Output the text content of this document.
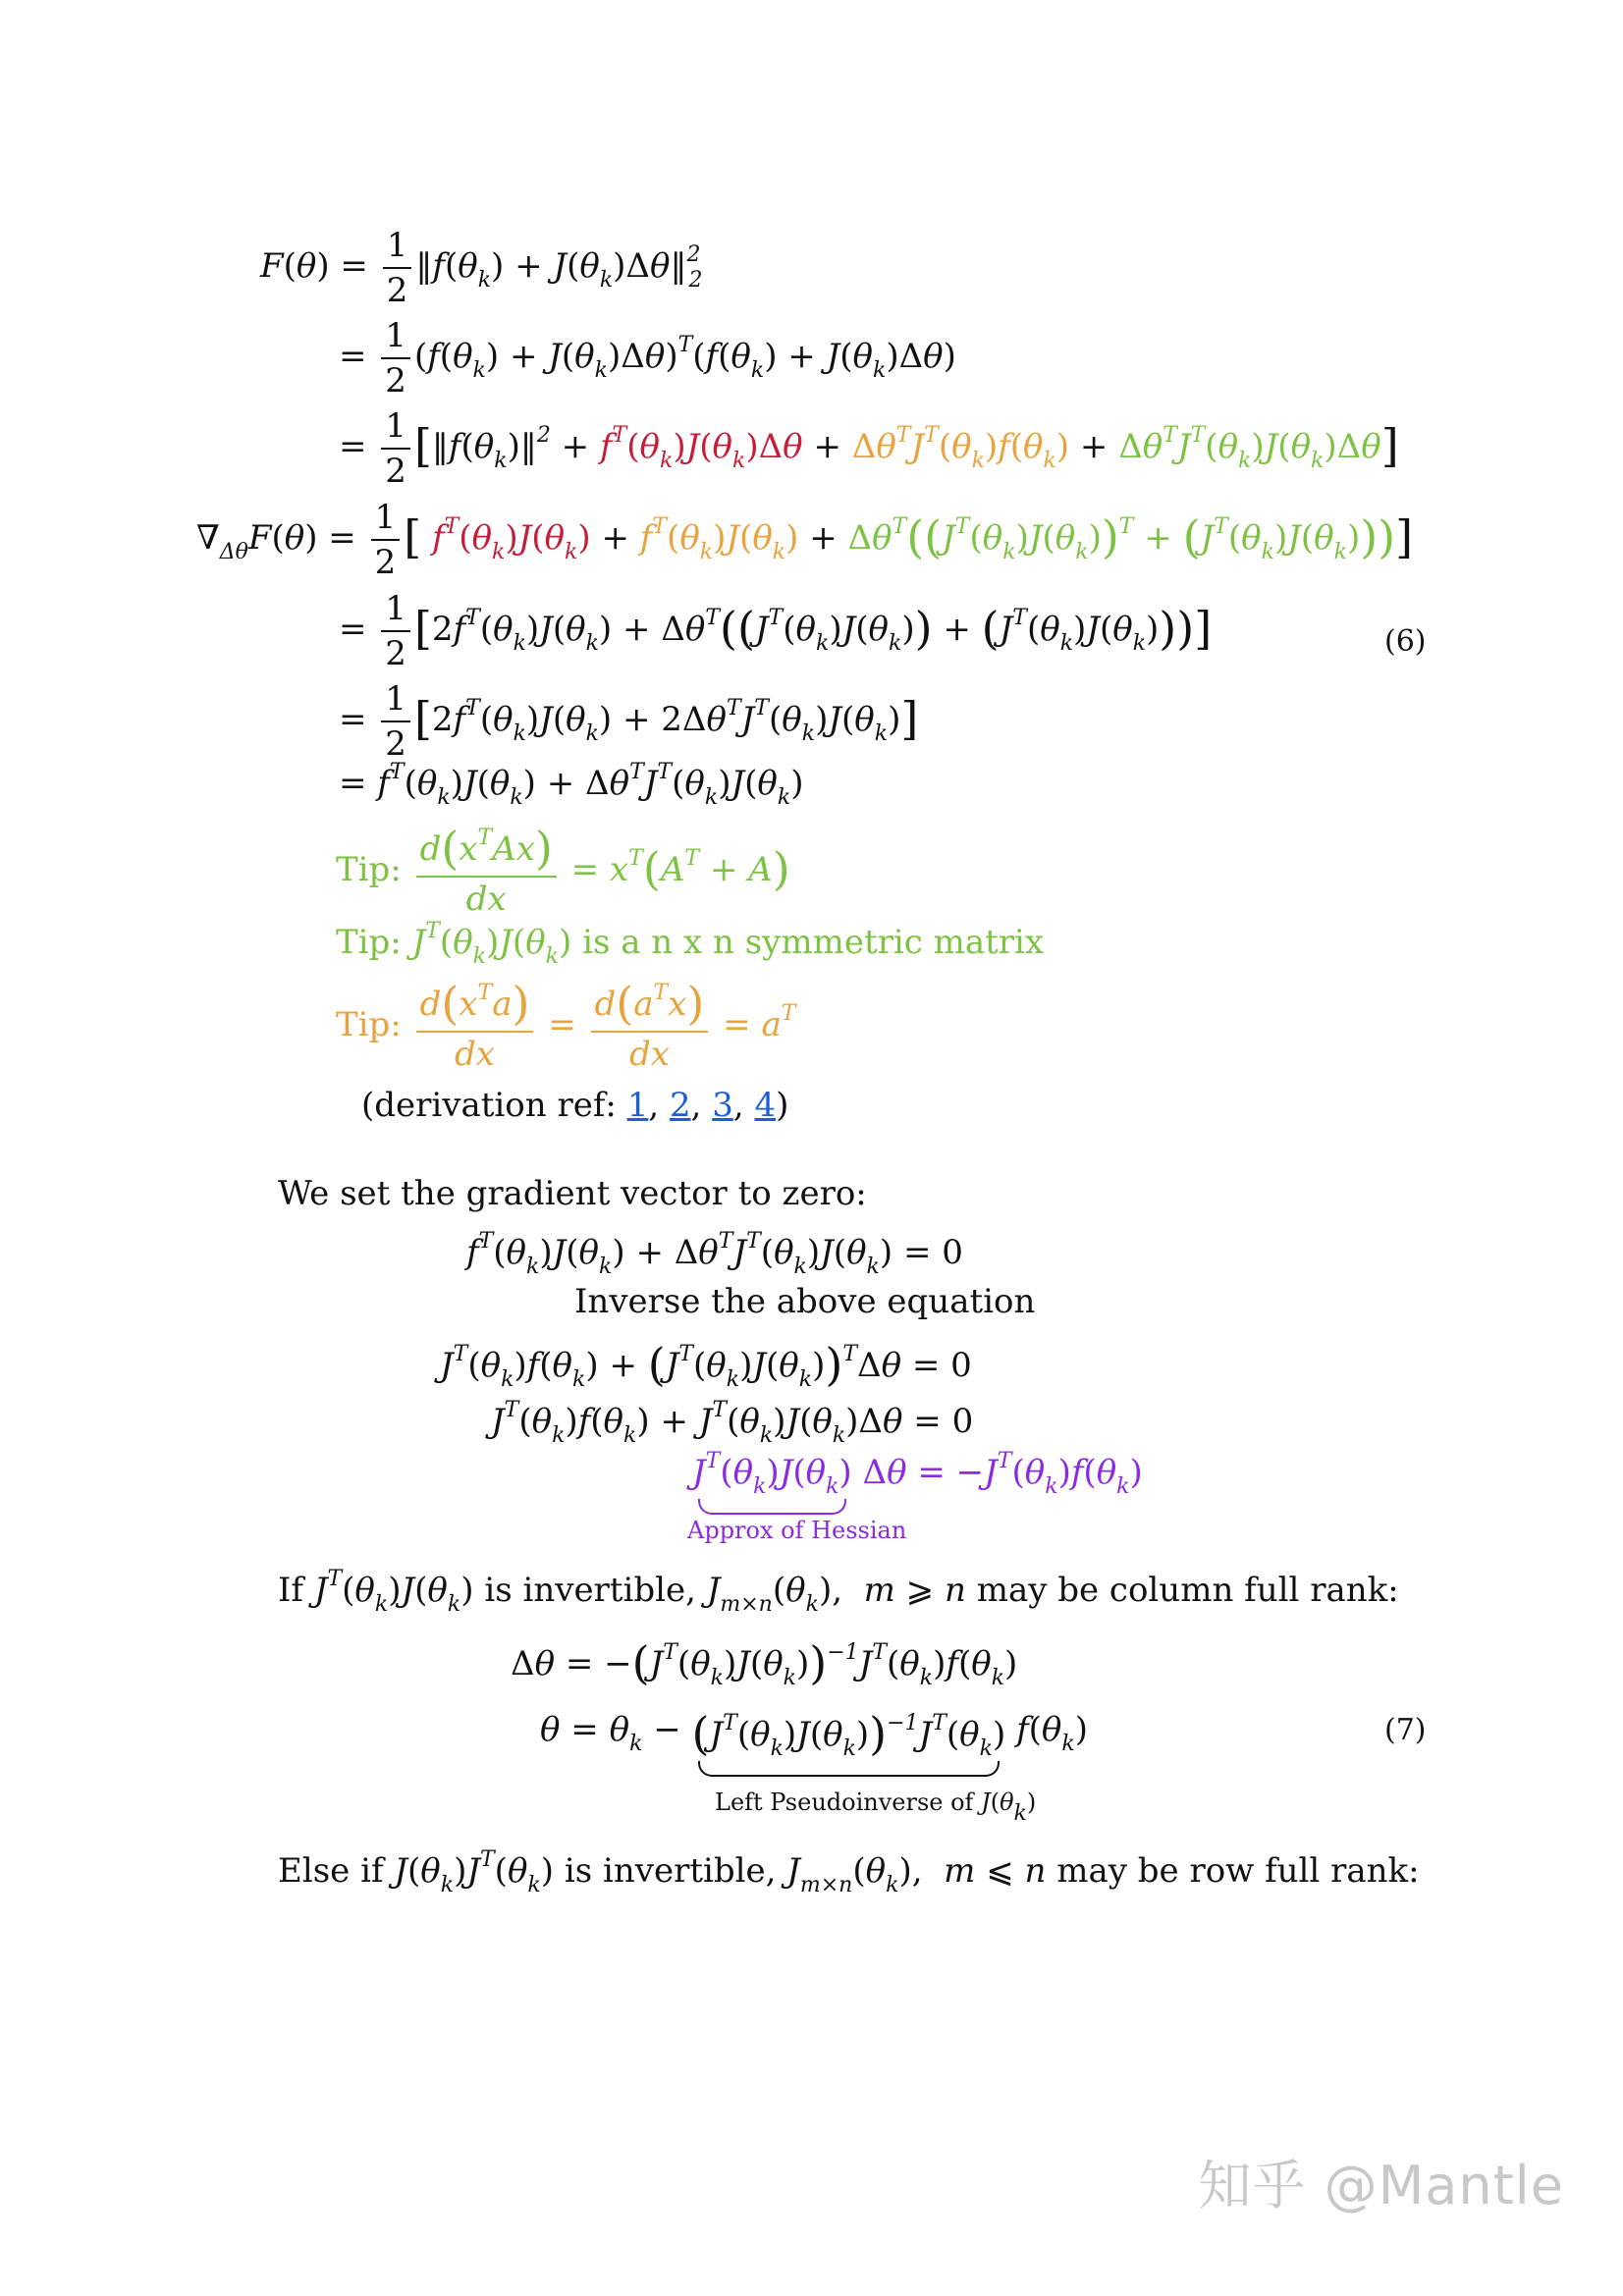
$F(\theta) = \frac{1}{2}$ $‖f(\theta_k)$ + $J(\theta_k)\Delta\theta‖^2_2$
= $\frac{1}{2} (f(\theta_k) + J(\theta_k)\Delta\theta)^T(f(\theta_k) + J(\theta_k)\Delta\theta)$
= $\frac{1}{2}$ $[‖f(\theta_k)‖^2 + f^T(\theta_k)J(\theta_k)\Delta\theta + \Delta\theta^TJ^T(\theta_k)f(\theta_k) + \Delta\theta^TJ^T(\theta_k)J(\theta_k)\Delta\theta]$
$\nabla_{\Delta\theta}F(\theta) = \frac{1}{2}$ [ $f^T(\theta_k)J(\theta_k) + f^T(\theta_k)J(\theta_k) + \Delta\theta^T((J^T(\theta_k)J(\theta_k))^T + (J^T(\theta_k)J(\theta_k)))$]
= $\frac{1}{2} [2f^T(\theta_k)J(\theta_k) + \Delta\theta^T((J^T(\theta_k)J(\theta_k)) + (J^T(\theta_k)J(\theta_k)))]$	(6)
= $\frac{1}{2} [2f^T(\theta_k)J(\theta_k) + 2\Delta\theta^TJ^T(\theta_k)J(\theta_k)]$
= $f^T(\theta_k)J(\theta_k) + \Delta\theta^TJ^T(\theta_k)J(\theta_k)$
Tip: $\frac{d(x^TAx)}{dx} = x^T(A^T + A)$
Tip: $J^T(\theta_k)J(\theta_k)$ is a n x n symmetric matrix
Tip: $\frac{d(x^Ta)}{dx} = \frac{d(a^Tx)}{dx} = a^T$
(derivation ref: 1, 2, 3, 4)
We set the gradient vector to zero:
$f^T(\theta_k)J(\theta_k) + \Delta\theta^TJ^T(\theta_k)J(\theta_k) = 0$
Inverse the above equation
$J^T(\theta_k)f(\theta_k) + (J^T(\theta_k)J(\theta_k))^T\Delta\theta = 0$
$J^T(\theta_k)f(\theta_k) + J^T(\theta_k)J(\theta_k)\Delta\theta = 0$
$J^T(\theta_k)J(\theta_k)$
$\Delta\theta = -J^T(\theta_k)f(\theta_k)$
Approx of Hessian
If $J^T(\theta_k)J(\theta_k)$ is invertible, $J_{m\times n}(\theta_k)$,  m ⩾ n may be column full rank:
$\Delta\theta = -(J^T(\theta_k)J(\theta_k))^{-1}J^T(\theta_k)f(\theta_k)$
$\theta = \theta_k - (J^T(\theta_k)J(\theta_k))^{-1}J^T(\theta_k)$ $f(\theta_k)$	(7)
Left Pseudoinverse of J(θk)
Else if $J(\theta_k)J^T(\theta_k)$ is invertible, $J_{m\times n}(\theta_k)$,  m ⩽ n may be row full rank:
知乎 @Mantle
